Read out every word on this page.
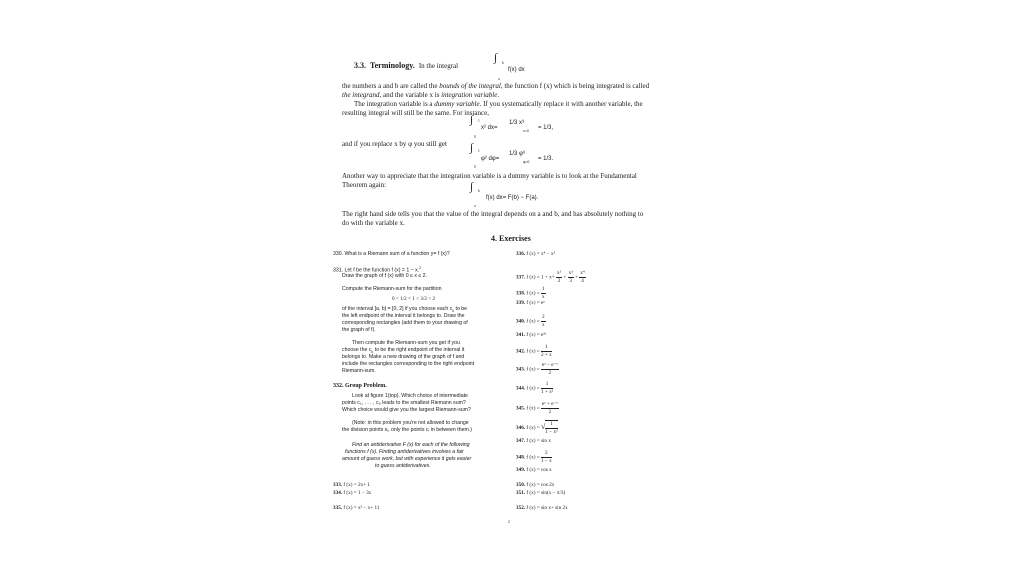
3.3. Terminology. In the integral
∫ b
f(x) dx
a
the numbers a and b are called the bounds of the integral, the function f (x) which is being integrated is called
the integrand, and the variable x is integration variable.
The integration variable is a dummy variable. If you systematically replace it with another variable, the
resulting integral will still be the same. For instance,
∫ 1
0
x² dx=
1/3 x³
x=0 = 1/3,
and if you replace x by φ you still get ∫ 1
0
φ² dφ=
1/3 φ³
φ=0 = 1/3.
Another way to appreciate that the integration variable is a dummy variable is to look at the Fundamental
Theorem again:	∫ b
a
f(x) dx= F(b) − F(a).
The right hand side tells you that the value of the integral depends on a and b, and has absolutely nothing to
do with the variable x.
4. Exercises
330. What is a Riemann sum of a function y= f (x)?
331. Let f be the function f (x) = 1 − x.$^2$
Draw the graph of f (x) with 0 ≤ x ≤ 2.
Compute the Riemann-sum for the partition
0 < 1/2 < 1 < 3/2 < 2
of the interval [a, b] = [0, 2] if you choose each $c_k$ to be
the left endpoint of the interval it belongs to. Draw the
corresponding rectangles (add them to your drawing of
the graph of f).
Then compute the Riemann-sum you get if you
choose the $c_k$ to be the right endpoint of the interval it
belongs to. Make a new drawing of the graph of f and
include the rectangles corresponding to the right endpoint
Riemann-sum.
332. Group Problem.
Look at figure 1(top). Which choice of intermediate
points c₁, . . . , c₆ leads to the smallest Riemann sum?
Which choice would give you the largest Riemann-sum?
(Note: in this problem you're not allowed to change
the division points xᵢ, only the points cᵢ in between them.)
Find an antiderivative F (x) for each of the following
functions f (x). Finding antiderivatives involves a fair
amount of guess work, but with experience it gets easier
to guess antiderivatives.
333. f (x) = 2x+ 1
334. f (x) = 1 − 3x
335. f (x) = x² − x+ 11
336. f (x) = x⁴ − x²
337. f $(x) = 1 + x+ \frac{\text{x²}}{2} + \frac{\text{x³}}{3} + \frac{\text{x⁴}}{4}$
338. f $(x) = \frac{1}{x}$
339. f (x) = eˣ
340. f $(x) = \frac{2}{x}$
341. f (x) = e²ˣ
342. f $(x) = \frac{1}{2 + x}$
343. f $(x) = \frac{\text{eˣ − e⁻ˣ}}{2}$
344. f $(x) = \frac{1}{\text{1 + x²}}$
345. f $(x) = \frac{\text{eˣ + e⁻ˣ}}{2}$
346. f (x) = √ $\frac{1}{\text{1 − x²}}$
347. f (x) = sin x
348. f $(x) = \frac{2}{1 - x}$
349. f (x) = cos x
350. f (x) = cos 2x
351. f (x) = sin(x − π/3)
352. f (x) = sin x+ sin 2x
2
